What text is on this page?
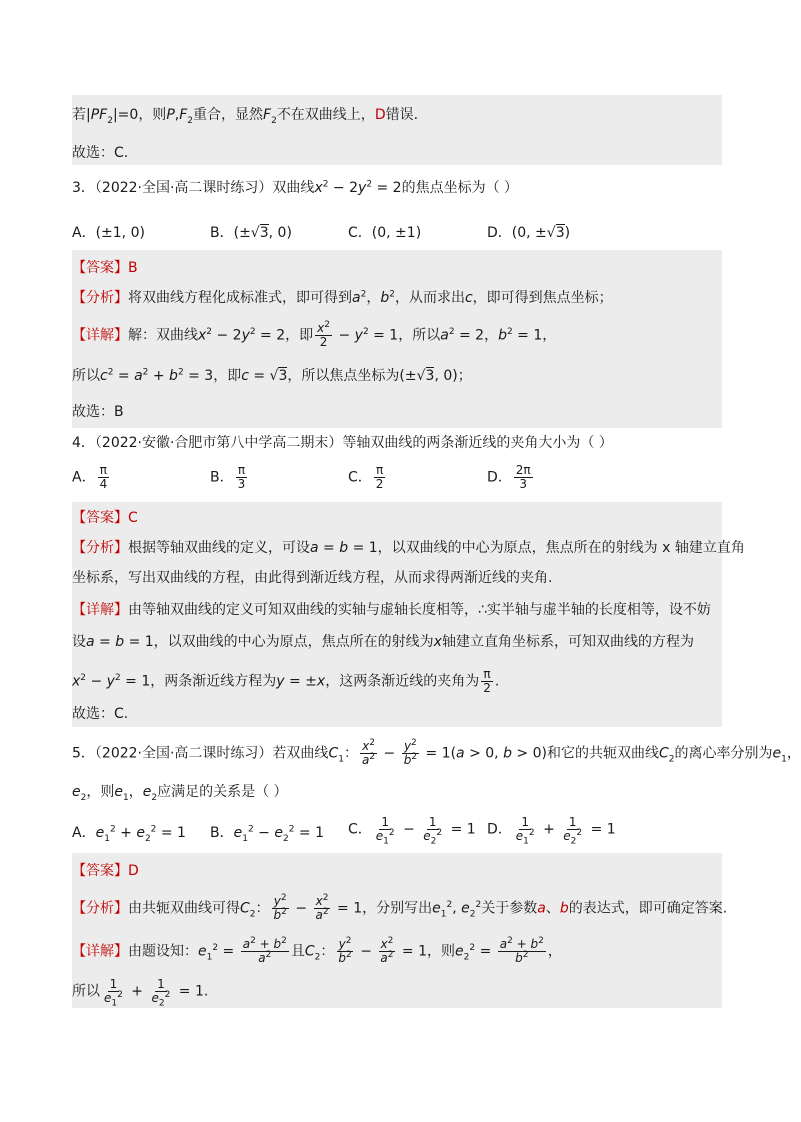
若$|PF_2|=0$，则$P,F_2$重合，显然$F_2$不在双曲线上，D错误.
故选：C.
3．（2022·全国·高二课时练习）双曲线$x^2 - 2y^2 = 2$的焦点坐标为（ ）
A．(±1, 0)	B．(±√3, 0)	C．(0, ±1)	D．(0, ±√3)
【答案】B
【分析】将双曲线方程化成标准式，即可得到$a^2$，$b^2$，从而求出c，即可得到焦点坐标；
【详解】解：双曲线$x^2 - 2y^2 = 2$，即 $\frac{x^2}{2} - y^2 = 1$，所以$a^2 = 2$，$b^2 = 1$，
所以$c^2 = a^2 + b^2 = 3$，即c = √3，所以焦点坐标为(±√3, 0)；
故选：B
4．（2022·安徽·合肥市第八中学高二期末）等轴双曲线的两条渐近线的夹角大小为（ ）
A． $\frac{\pi}{4}$	B． $\frac{\pi}{3}$	C． $\frac{\pi}{2}$	D． $\frac{2\pi}{3}$
【答案】C
【分析】根据等轴双曲线的定义，可设a = b = 1，以双曲线的中心为原点，焦点所在的射线为 x 轴建立直角
坐标系，写出双曲线的方程，由此得到渐近线方程，从而求得两渐近线的夹角.
【详解】由等轴双曲线的定义可知双曲线的实轴与虚轴长度相等，∴实半轴与虚半轴的长度相等，设不妨
设a = b = 1，以双曲线的中心为原点，焦点所在的射线为x轴建立直角坐标系，可知双曲线的方程为
$x^2 - y^2 = 1$，两条渐近线方程为y = ±x，这两条渐近线的夹角为 $\frac{\pi}{2}$ .
故选：C.
5．（2022·全国·高二课时练习）若双曲线$C_1$： $\frac{x^2}{a^2} - \frac{y^2}{b^2} = 1(a > 0$, b > 0)和它的共轭双曲线$C_2$的离心率分别为$e_1$，
$e_2$，则$e_1$，$e_2$应满足的关系是（ ）
A．$e_1^2 + e_2^2 = 1$ B．$e_1^2 - e_2^2 = 1$ C． $\frac{1}{e_1^2} - \frac{1}{e_2^2} = 1$ D． $\frac{1}{e_1^2} + \frac{1}{e_2^2} = 1$
【答案】D
【分析】由共轭双曲线可得$C_2$： $\frac{y^2}{b^2} - \frac{x^2}{a^2} = 1$，分别写出$e_1^2$, $e_2^2$关于参数a、b的表达式，即可确定答案.
【详解】由题设知：$e_1^2 = \frac{a^2 + b^2}{a^2}$ 且$C_2$： $\frac{y^2}{b^2} - \frac{x^2}{a^2} = 1$，则$e_2^2 = \frac{a^2 + b^2}{b^2}$ ，
所以 $\frac{1}{e_1^2} + \frac{1}{e_2^2} = 1$.
